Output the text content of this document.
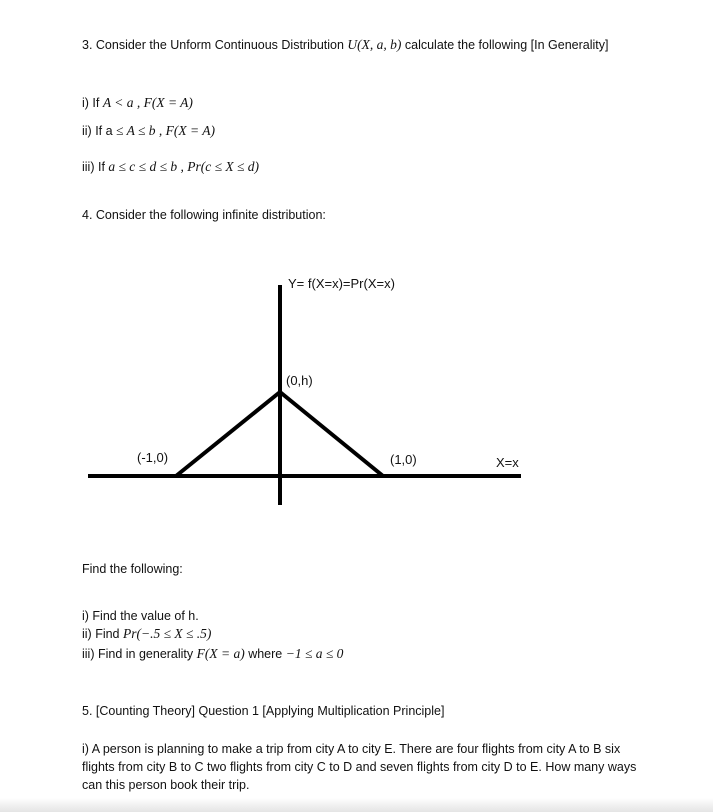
3. Consider the Unform Continuous Distribution U(X, a, b) calculate the following [In Generality]
i) If A < a , F(X = A)
ii) If a ≤ A ≤ b , F(X = A)
iii) If a ≤ c ≤ d ≤ b , Pr(c ≤ X ≤ d)
4. Consider the following infinite distribution:
Y= f(X=x)=Pr(X=x)
(0,h)
(-1,0)	(1,0)	X=x
Find the following:
i) Find the value of h.
ii) Find Pr(−.5 ≤ X ≤ .5)
iii) Find in generality F(X = a) where −1 ≤ a ≤ 0
5. [Counting Theory] Question 1 [Applying Multiplication Principle]
i) A person is planning to make a trip from city A to city E. There are four flights from city A to B six flights from city B to C two flights from city C to D and seven flights from city D to E. How many ways can this person book their trip.
